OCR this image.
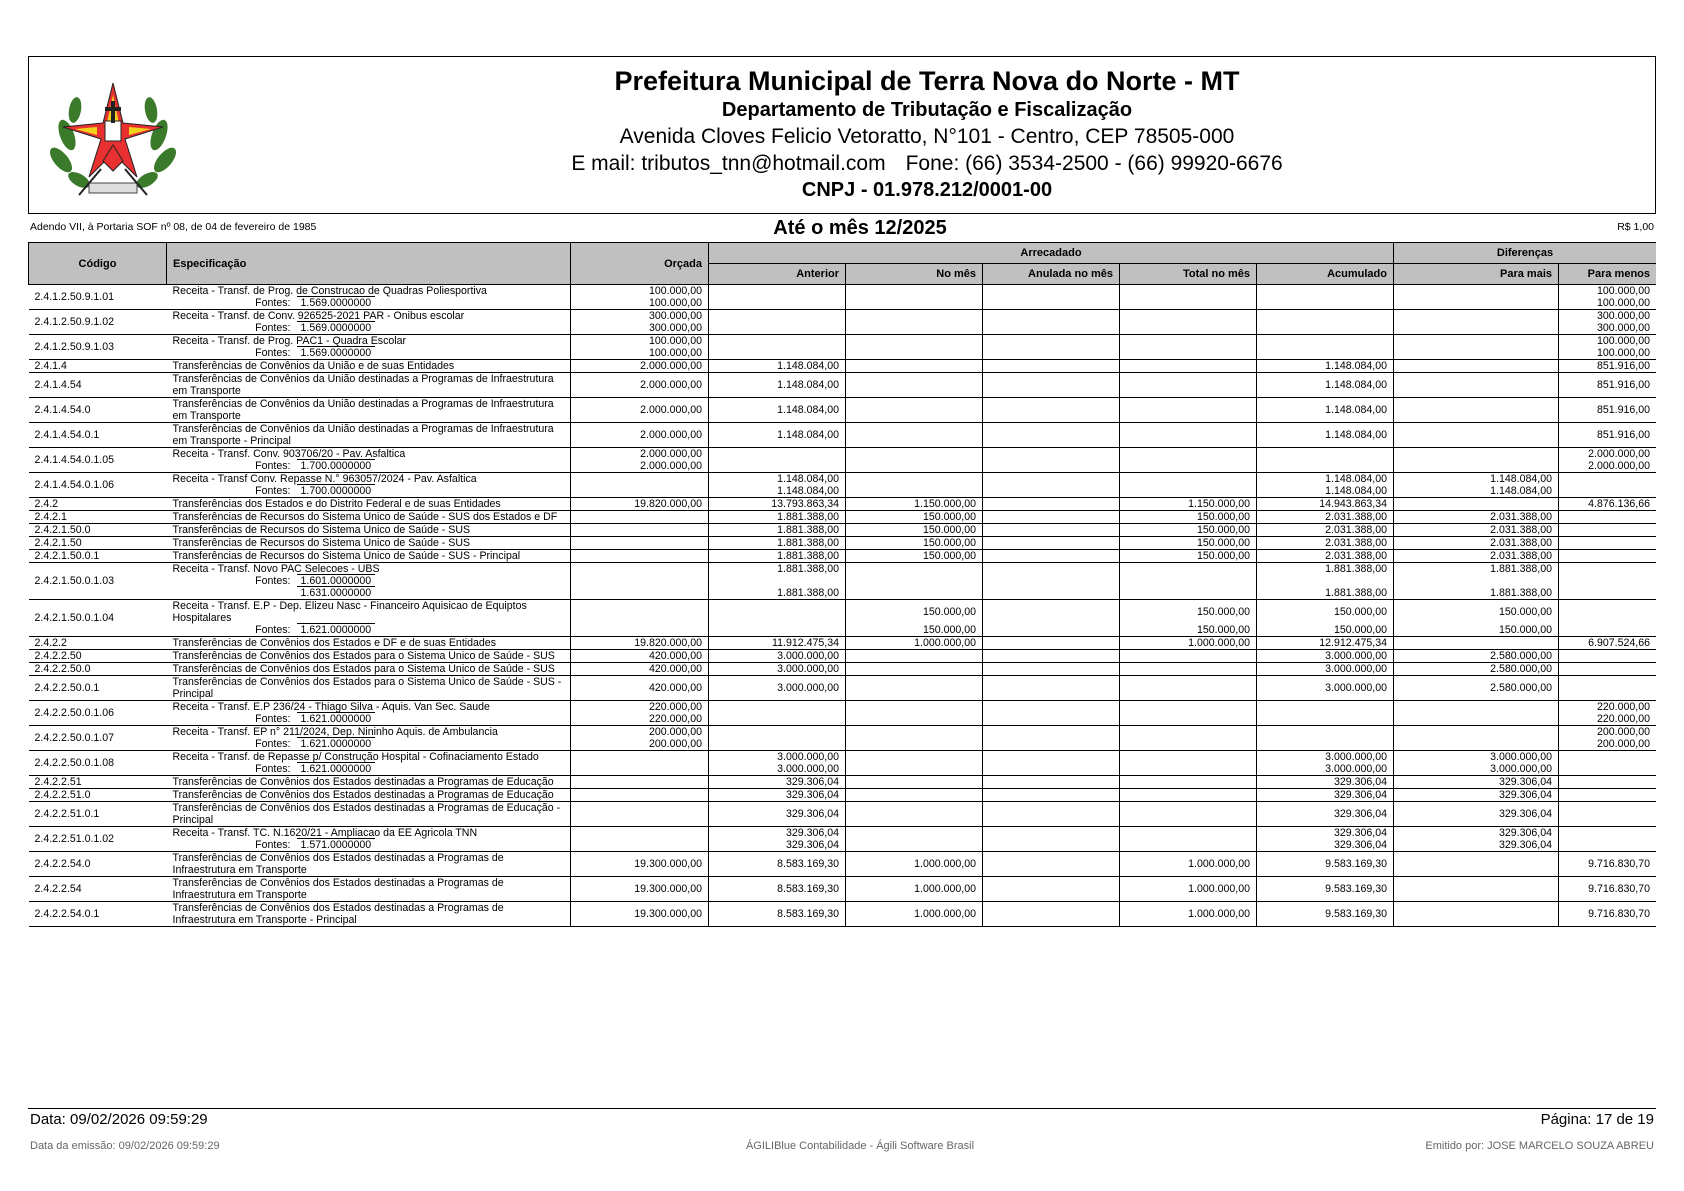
Prefeitura Municipal de Terra Nova do Norte - MT
Departamento de Tributação e Fiscalização
Avenida Cloves Felicio Vetoratto, N°101 - Centro, CEP 78505-000
E mail: tributos_tnn@hotmail.com Fone: (66) 3534-2500 - (66) 99920-6676
CNPJ - 01.978.212/0001-00
Adendo VII, à Portaria SOF nº 08, de 04 de fevereiro de 1985	Até o mês 12/2025	R$ 1,00
Código	Especificação	Orçada	Arrecadado					Diferenças	
			Anterior	No mês	Anulada no mês	Total no mês	Acumulado	Para mais	Para menos
2.4.1.2.50.9.1.01	Receita - Transf. de Prog. de Construcao de Quadras Poliesportiva	100.000,00							100.000,00
	Fontes: 1.569.0000000	100.000,00							100.000,00
2.4.1.2.50.9.1.02	Receita - Transf. de Conv. 926525-2021 PAR - Onibus escolar	300.000,00							300.000,00
	Fontes: 1.569.0000000	300.000,00							300.000,00
2.4.1.2.50.9.1.03	Receita - Transf. de Prog. PAC1 - Quadra Escolar	100.000,00							100.000,00
	Fontes: 1.569.0000000	100.000,00							100.000,00
2.4.1.4	Transferências de Convênios da União e de suas Entidades	2.000.000,00	1.148.084,00				1.148.084,00		851.916,00
2.4.1.4.54	Transferências de Convênios da União destinadas a Programas de Infraestrutura em Transporte	2.000.000,00	1.148.084,00				1.148.084,00		851.916,00
2.4.1.4.54.0	Transferências de Convênios da União destinadas a Programas de Infraestrutura em Transporte	2.000.000,00	1.148.084,00				1.148.084,00		851.916,00
2.4.1.4.54.0.1	Transferências de Convênios da União destinadas a Programas de Infraestrutura em Transporte - Principal	2.000.000,00	1.148.084,00				1.148.084,00		851.916,00
2.4.1.4.54.0.1.05	Receita - Transf. Conv. 903706/20 - Pav. Asfaltica	2.000.000,00							2.000.000,00
	Fontes: 1.700.0000000	2.000.000,00							2.000.000,00
2.4.1.4.54.0.1.06	Receita - Transf Conv. Repasse N.° 963057/2024 - Pav. Asfaltica		1.148.084,00				1.148.084,00	1.148.084,00	
	Fontes: 1.700.0000000		1.148.084,00				1.148.084,00	1.148.084,00	
2.4.2	Transferências dos Estados e do Distrito Federal e de suas Entidades	19.820.000,00	13.793.863,34	1.150.000,00		1.150.000,00	14.943.863,34		4.876.136,66
2.4.2.1	Transferências de Recursos do Sistema Único de Saúde - SUS dos Estados e DF		1.881.388,00	150.000,00		150.000,00	2.031.388,00	2.031.388,00	
2.4.2.1.50.0	Transferências de Recursos do Sistema Único de Saúde - SUS		1.881.388,00	150.000,00		150.000,00	2.031.388,00	2.031.388,00	
2.4.2.1.50	Transferências de Recursos do Sistema Único de Saúde - SUS		1.881.388,00	150.000,00		150.000,00	2.031.388,00	2.031.388,00	
2.4.2.1.50.0.1	Transferências de Recursos do Sistema Único de Saúde - SUS - Principal		1.881.388,00	150.000,00		150.000,00	2.031.388,00	2.031.388,00	
2.4.2.1.50.0.1.03	Receita - Transf. Novo PAC Selecoes - UBS		1.881.388,00				1.881.388,00	1.881.388,00	
	Fontes: 1.601.0000000								
	1.631.0000000		1.881.388,00				1.881.388,00	1.881.388,00	
2.4.2.1.50.0.1.04	Receita - Transf. E.P - Dep. Elizeu Nasc - Financeiro Aquisicao de Equiptos Hospitalares			150.000,00		150.000,00	150.000,00	150.000,00	
	Fontes: 1.621.0000000			150.000,00		150.000,00	150.000,00	150.000,00	
2.4.2.2	Transferências de Convênios dos Estados e DF e de suas Entidades	19.820.000,00	11.912.475,34	1.000.000,00		1.000.000,00	12.912.475,34		6.907.524,66
2.4.2.2.50	Transferências de Convênios dos Estados para o Sistema Único de Saúde - SUS	420.000,00	3.000.000,00				3.000.000,00	2.580.000,00	
2.4.2.2.50.0	Transferências de Convênios dos Estados para o Sistema Único de Saúde - SUS	420.000,00	3.000.000,00				3.000.000,00	2.580.000,00	
2.4.2.2.50.0.1	Transferências de Convênios dos Estados para o Sistema Único de Saúde - SUS - Principal	420.000,00	3.000.000,00				3.000.000,00	2.580.000,00	
2.4.2.2.50.0.1.06	Receita - Transf. E.P 236/24 - Thiago Silva - Aquis. Van Sec. Saude	220.000,00							220.000,00
	Fontes: 1.621.0000000	220.000,00							220.000,00
2.4.2.2.50.0.1.07	Receita - Transf. EP n° 211/2024, Dep. Nininho Aquis. de Ambulancia	200.000,00							200.000,00
	Fontes: 1.621.0000000	200.000,00							200.000,00
2.4.2.2.50.0.1.08	Receita - Transf. de Repasse p/ Construção Hospital - Cofinaciamento Estado		3.000.000,00				3.000.000,00	3.000.000,00	
	Fontes: 1.621.0000000		3.000.000,00				3.000.000,00	3.000.000,00	
2.4.2.2.51	Transferências de Convênios dos Estados destinadas a Programas de Educação		329.306,04				329.306,04	329.306,04	
2.4.2.2.51.0	Transferências de Convênios dos Estados destinadas a Programas de Educação		329.306,04				329.306,04	329.306,04	
2.4.2.2.51.0.1	Transferências de Convênios dos Estados destinadas a Programas de Educação - Principal		329.306,04				329.306,04	329.306,04	
2.4.2.2.51.0.1.02	Receita - Transf. TC. N.1620/21 - Ampliacao da EE Agricola TNN		329.306,04				329.306,04	329.306,04	
	Fontes: 1.571.0000000		329.306,04				329.306,04	329.306,04	
2.4.2.2.54.0	Transferências de Convênios dos Estados destinadas a Programas de Infraestrutura em Transporte	19.300.000,00	8.583.169,30	1.000.000,00		1.000.000,00	9.583.169,30		9.716.830,70
2.4.2.2.54	Transferências de Convênios dos Estados destinadas a Programas de Infraestrutura em Transporte	19.300.000,00	8.583.169,30	1.000.000,00		1.000.000,00	9.583.169,30		9.716.830,70
2.4.2.2.54.0.1	Transferências de Convênios dos Estados destinadas a Programas de Infraestrutura em Transporte - Principal	19.300.000,00	8.583.169,30	1.000.000,00		1.000.000,00	9.583.169,30		9.716.830,70
Data: 09/02/2026 09:59:29	Página: 17 de 19
Data da emissão: 09/02/2026 09:59:29	ÁGILIBlue Contabilidade - Ágili Software Brasil	Emitido por: JOSE MARCELO SOUZA ABREU
